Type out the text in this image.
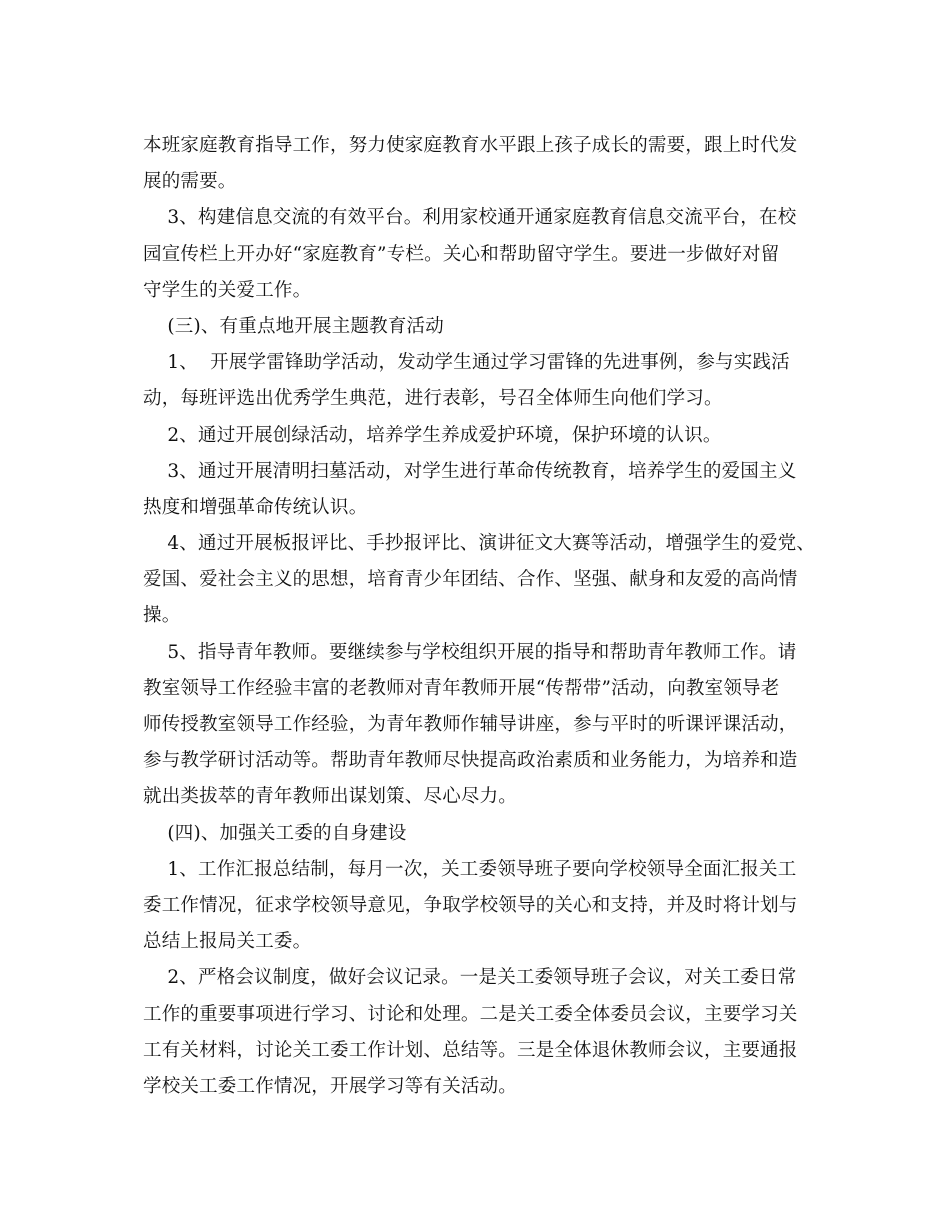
本班家庭教育指导工作，努力使家庭教育水平跟上孩子成长的需要，跟上时代发
展的需要。
3、构建信息交流的有效平台。利用家校通开通家庭教育信息交流平台，在校
园宣传栏上开办好“家庭教育”专栏。关心和帮助留守学生。要进一步做好对留
守学生的关爱工作。
(三)、有重点地开展主题教育活动
1、  开展学雷锋助学活动，发动学生通过学习雷锋的先进事例，参与实践活
动，每班评选出优秀学生典范，进行表彰，号召全体师生向他们学习。
2、通过开展创绿活动，培养学生养成爱护环境，保护环境的认识。
3、通过开展清明扫墓活动，对学生进行革命传统教育，培养学生的爱国主义
热度和增强革命传统认识。
4、通过开展板报评比、手抄报评比、演讲征文大赛等活动，增强学生的爱党、
爱国、爱社会主义的思想，培育青少年团结、合作、坚强、献身和友爱的高尚情
操。
5、指导青年教师。要继续参与学校组织开展的指导和帮助青年教师工作。请
教室领导工作经验丰富的老教师对青年教师开展“传帮带”活动，向教室领导老
师传授教室领导工作经验，为青年教师作辅导讲座，参与平时的听课评课活动，
参与教学研讨活动等。帮助青年教师尽快提高政治素质和业务能力，为培养和造
就出类拔萃的青年教师出谋划策、尽心尽力。
(四)、加强关工委的自身建设
1、工作汇报总结制，每月一次，关工委领导班子要向学校领导全面汇报关工
委工作情况，征求学校领导意见，争取学校领导的关心和支持，并及时将计划与
总结上报局关工委。
2、严格会议制度，做好会议记录。一是关工委领导班子会议，对关工委日常
工作的重要事项进行学习、讨论和处理。二是关工委全体委员会议，主要学习关
工有关材料，讨论关工委工作计划、总结等。三是全体退休教师会议，主要通报
学校关工委工作情况，开展学习等有关活动。
